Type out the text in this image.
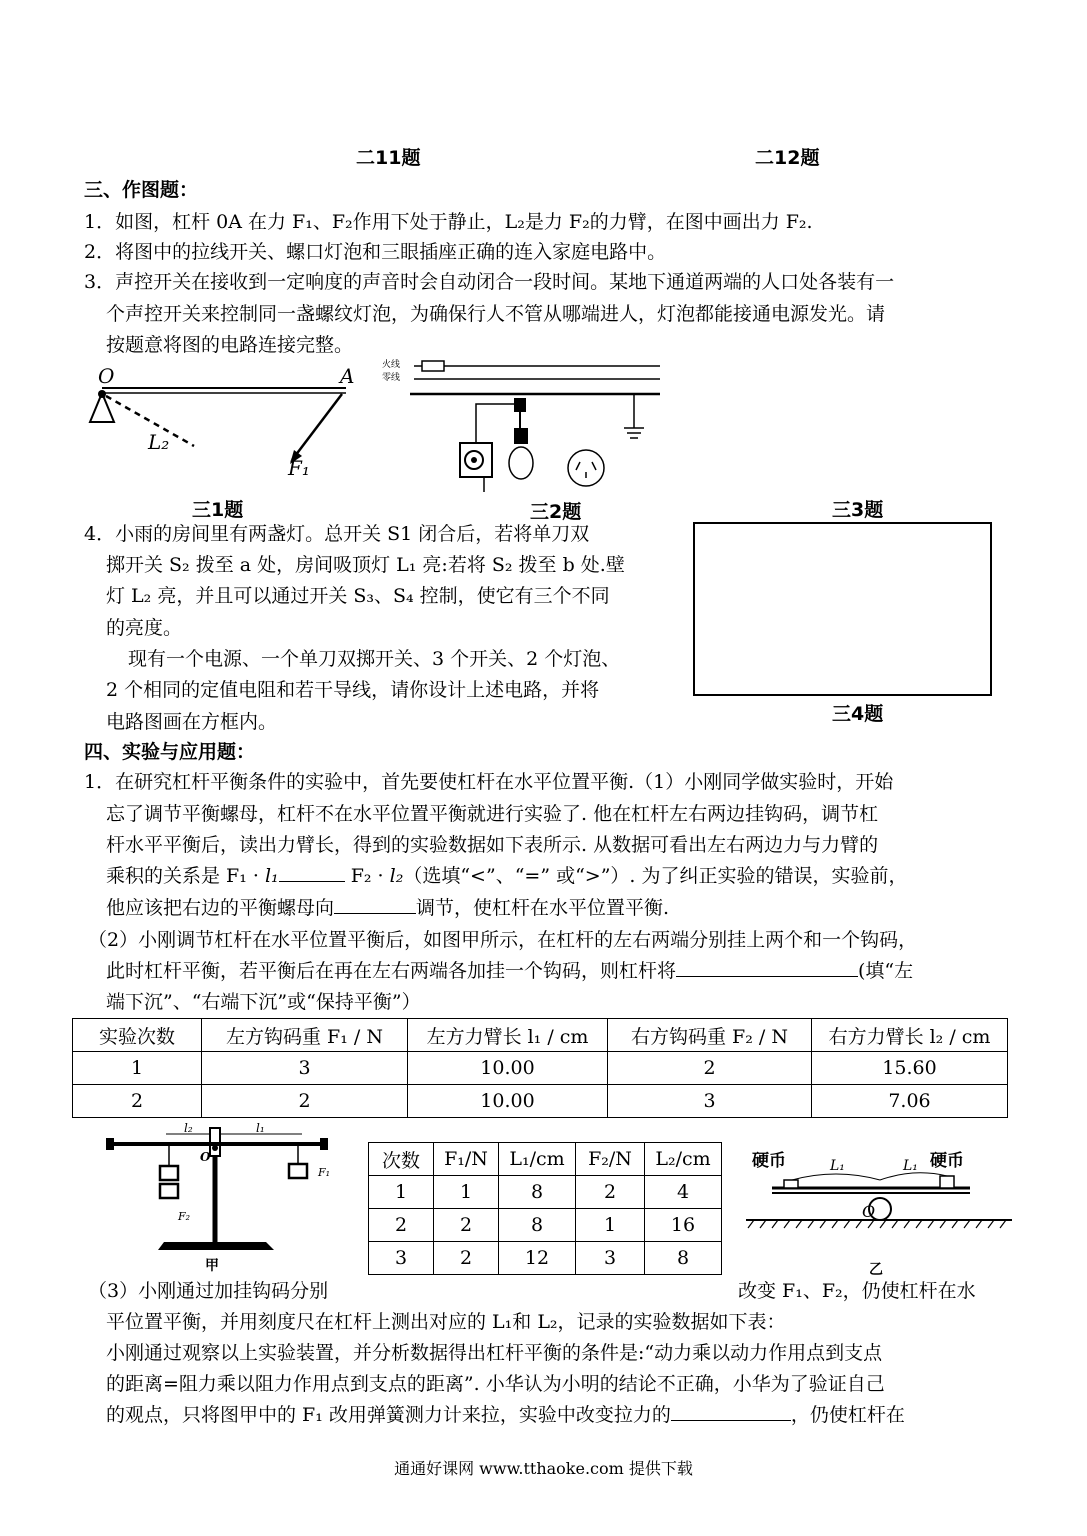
二11题	二12题
三、作图题：
1．如图，杠杆 0A 在力 F₁、F₂作用下处于静止，L₂是力 F₂的力臂，在图中画出力 F₂.
2．将图中的拉线开关、螺口灯泡和三眼插座正确的连入家庭电路中。
3．声控开关在接收到一定响度的声音时会自动闭合一段时间。某地下通道两端的人口处各装有一
个声控开关来控制同一盏螺纹灯泡，为确保行人不管从哪端进人，灯泡都能接通电源发光。请
按题意将图的电路连接完整。
O	A
L₂
F₁
火线
零线
三1题	三2题	三3题
4．小雨的房间里有两盏灯。总开关 S1 闭合后，若将单刀双
掷开关 S₂ 拨至 a 处，房间吸顶灯 L₁ 亮:若将 S₂ 拨至 b 处.壁
灯 L₂ 亮，并且可以通过开关 S₃、S₄ 控制，使它有三个不同
的亮度。
现有一个电源、一个单刀双掷开关、3 个开关、2 个灯泡、
2 个相同的定值电阻和若干导线，请你设计上述电路，并将
电路图画在方框内。	三4题
四、实验与应用题：
1．在研究杠杆平衡条件的实验中，首先要使杠杆在水平位置平衡.（1）小刚同学做实验时，开始
忘了调节平衡螺母，杠杆不在水平位置平衡就进行实验了. 他在杠杆左右两边挂钩码，调节杠
杆水平平衡后，读出力臂长，得到的实验数据如下表所示. 从数据可看出左右两边力与力臂的
乘积的关系是 F₁ · l₁	F₂ · l₂（选填“<”、“=” 或“>”）. 为了纠正实验的错误，实验前，
他应该把右边的平衡螺母向	调节，使杠杆在水平位置平衡.
（2）小刚调节杠杆在水平位置平衡后，如图甲所示，在杠杆的左右两端分别挂上两个和一个钩码，
此时杠杆平衡，若平衡后在再在左右两端各加挂一个钩码，则杠杆将	(填“左
端下沉”、“右端下沉”或“保持平衡”）
实验次数	左方钩码重 F₁ / N	左方力臂长 l₁ / cm	右方钩码重 F₂ / N	右方力臂长 l₂ / cm
1	3	10.00	2	15.60
2	2	10.00	3	7.06
l₂	l₁
O
F₁
F₂
甲
次数	F₁/N	L₁/cm	F₂/N	L₂/cm
1	1	8	2	4
2	2	8	1	16
3	2	12	3	8
硬币	硬币
L₁	L₁
O
乙
（3）小刚通过加挂钩码分别	改变 F₁、F₂，仍使杠杆在水
平位置平衡，并用刻度尺在杠杆上测出对应的 L₁和 L₂，记录的实验数据如下表：
小刚通过观察以上实验装置，并分析数据得出杠杆平衡的条件是:“动力乘以动力作用点到支点
的距离=阻力乘以阻力作用点到支点的距离”. 小华认为小明的结论不正确，小华为了验证自己
的观点，只将图甲中的 F₁ 改用弹簧测力计来拉，实验中改变拉力的	，仍使杠杆在
通通好课网 www.tthaoke.com 提供下载
